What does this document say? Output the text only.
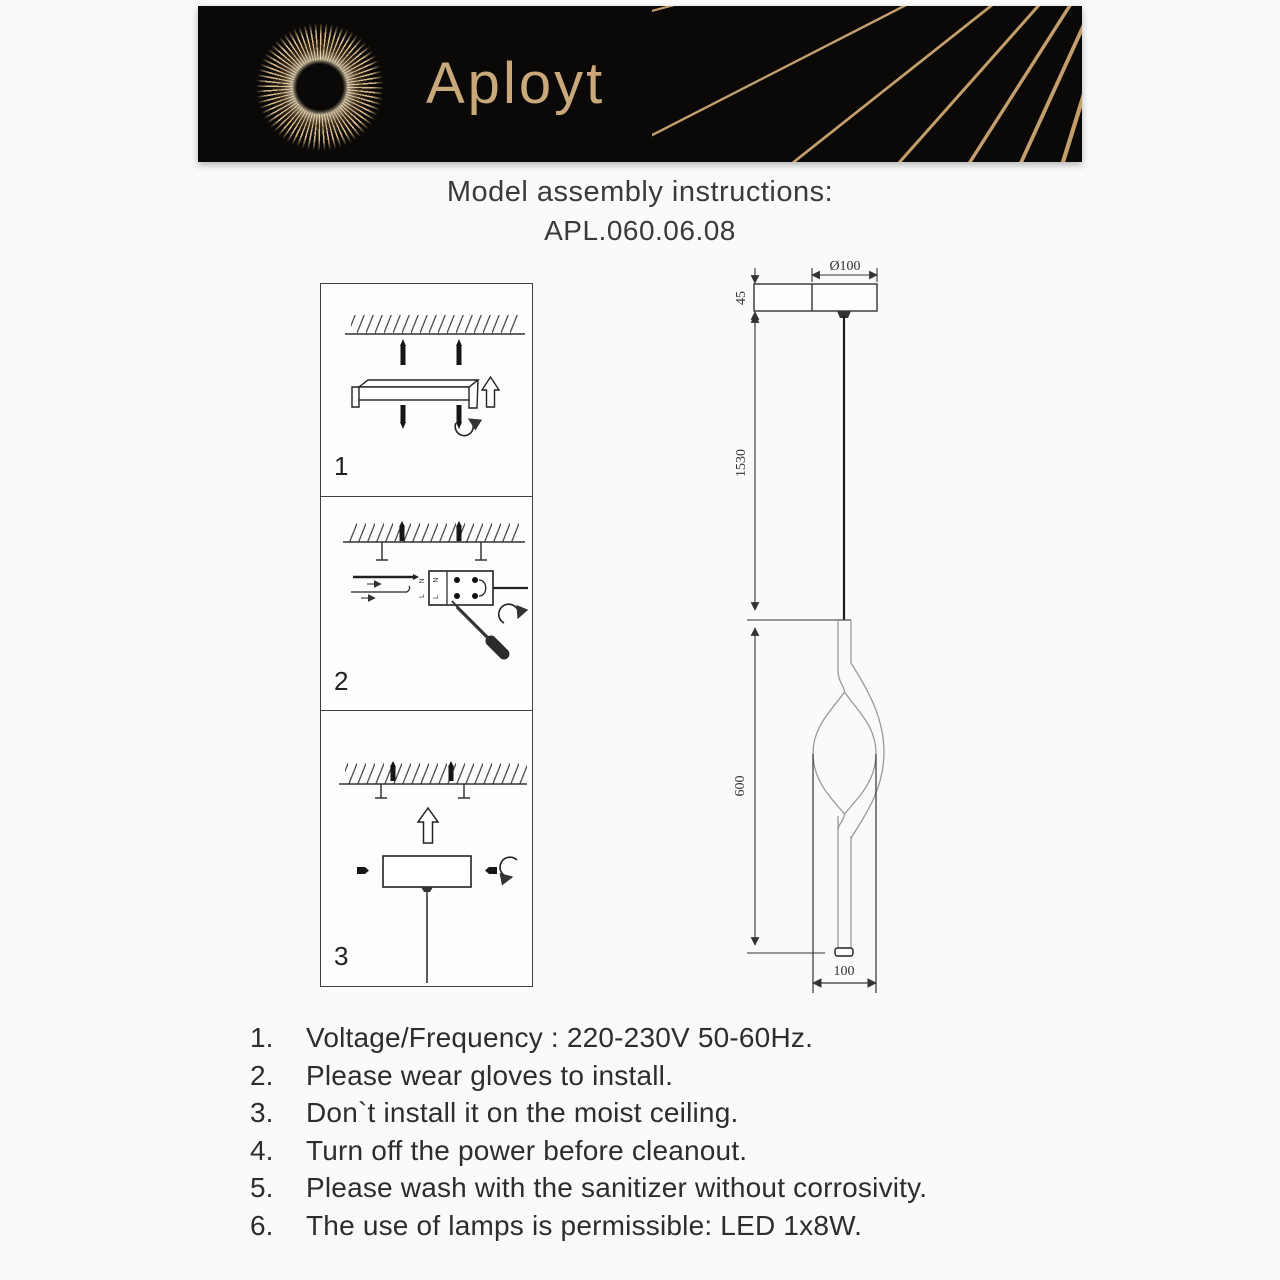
Aployt
Model assembly instructions:
APL.060.06.08
1
N
L
N
L
2
3
Ø100
45
1530
600
100
1.	Voltage/Frequency : 220-230V 50-60Hz.
2.	Please wear gloves to install.
3.	Don`t install it on the moist ceiling.
4.	Turn off the power before cleanout.
5.	Please wash with the sanitizer without corrosivity.
6.	The use of lamps is permissible: LED 1x8W.
